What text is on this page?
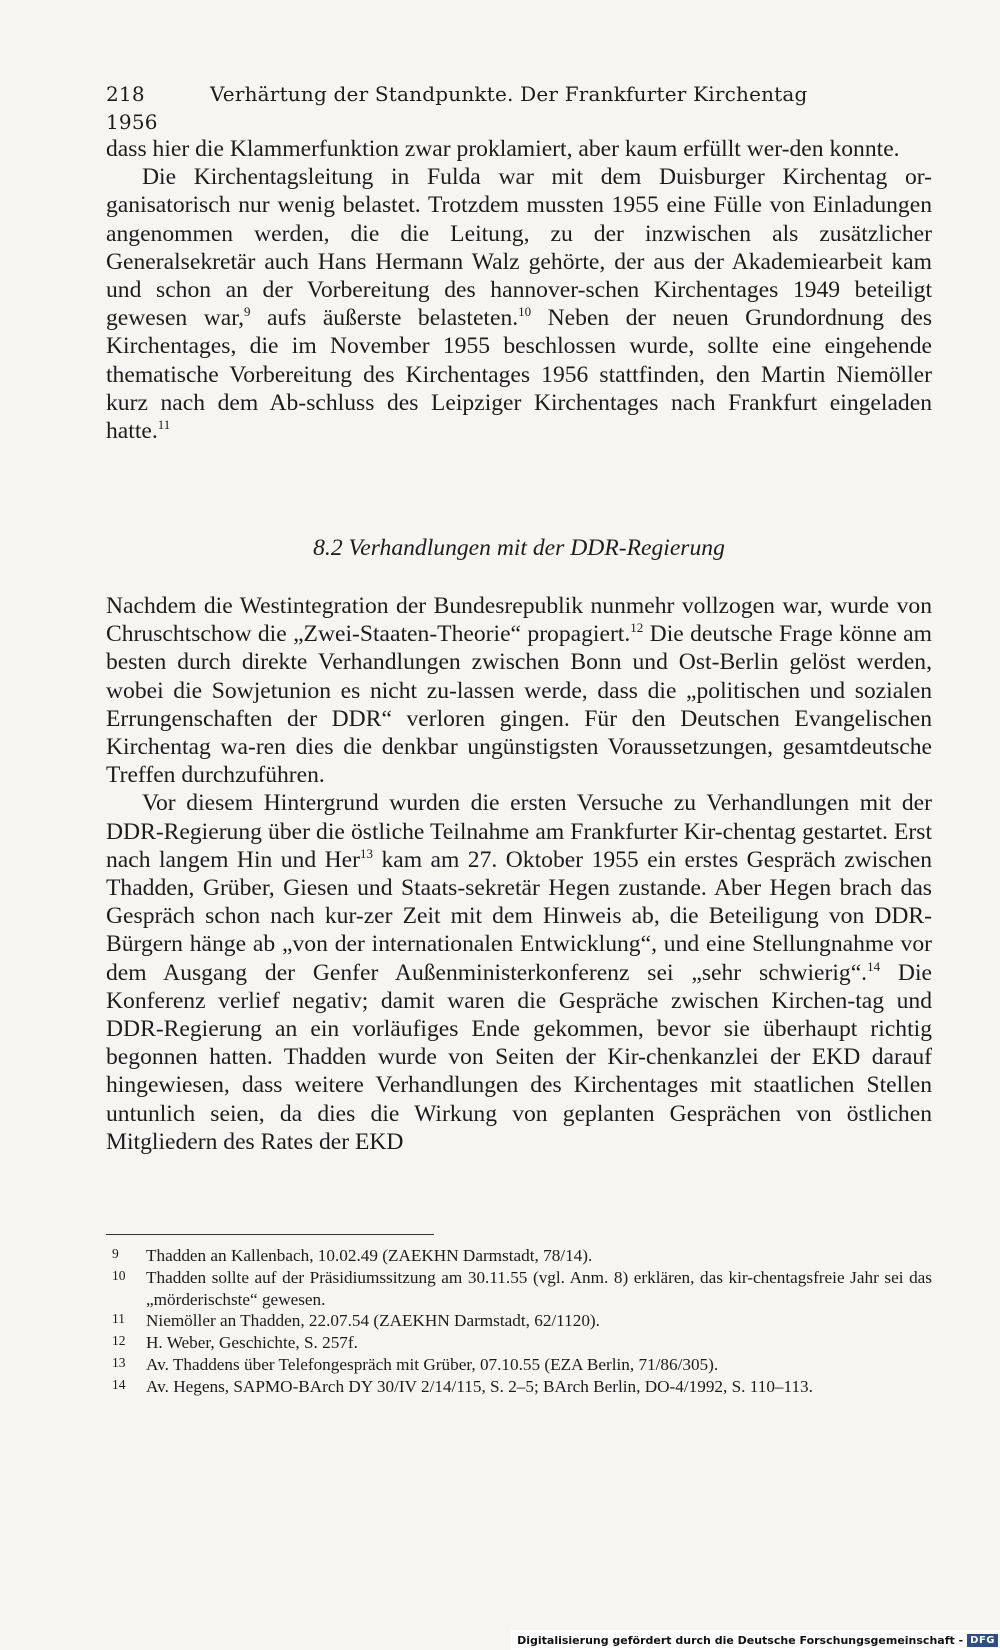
218	Verhärtung der Standpunkte. Der Frankfurter Kirchentag 1956

dass hier die Klammerfunktion zwar proklamiert, aber kaum erfüllt wer-den konnte.

Die Kirchentagsleitung in Fulda war mit dem Duisburger Kirchentag or-ganisatorisch nur wenig belastet. Trotzdem mussten 1955 eine Fülle von Einladungen angenommen werden, die die Leitung, zu der inzwischen als zusätzlicher Generalsekretär auch Hans Hermann Walz gehörte, der aus der Akademiearbeit kam und schon an der Vorbereitung des hannover-schen Kirchentages 1949 beteiligt gewesen war,$^9$ aufs äußerste belasteten.$^{10}$ Neben der neuen Grundordnung des Kirchentages, die im November 1955 beschlossen wurde, sollte eine eingehende thematische Vorbereitung des Kirchentages 1956 stattfinden, den Martin Niemöller kurz nach dem Ab-schluss des Leipziger Kirchentages nach Frankfurt eingeladen hatte.$^{11}$

8.2 Verhandlungen mit der DDR-Regierung

Nachdem die Westintegration der Bundesrepublik nunmehr vollzogen war, wurde von Chruschtschow die „Zwei-Staaten-Theorie“ propagiert.$^{12}$ Die deutsche Frage könne am besten durch direkte Verhandlungen zwischen Bonn und Ost-Berlin gelöst werden, wobei die Sowjetunion es nicht zu-lassen werde, dass die „politischen und sozialen Errungenschaften der DDR“ verloren gingen. Für den Deutschen Evangelischen Kirchentag wa-ren dies die denkbar ungünstigsten Voraussetzungen, gesamtdeutsche Treffen durchzuführen.

Vor diesem Hintergrund wurden die ersten Versuche zu Verhandlungen mit der DDR-Regierung über die östliche Teilnahme am Frankfurter Kir-chentag gestartet. Erst nach langem Hin und Her$^{13}$ kam am 27. Oktober 1955 ein erstes Gespräch zwischen Thadden, Grüber, Giesen und Staats-sekretär Hegen zustande. Aber Hegen brach das Gespräch schon nach kur-zer Zeit mit dem Hinweis ab, die Beteiligung von DDR-Bürgern hänge ab „von der internationalen Entwicklung“, und eine Stellungnahme vor dem Ausgang der Genfer Außenministerkonferenz sei „sehr schwierig“.$^{14}$ Die Konferenz verlief negativ; damit waren die Gespräche zwischen Kirchen-tag und DDR-Regierung an ein vorläufiges Ende gekommen, bevor sie überhaupt richtig begonnen hatten. Thadden wurde von Seiten der Kir-chenkanzlei der EKD darauf hingewiesen, dass weitere Verhandlungen des Kirchentages mit staatlichen Stellen untunlich seien, da dies die Wirkung von geplanten Gesprächen von östlichen Mitgliedern des Rates der EKD

9 Thadden an Kallenbach, 10.02.49 (ZAEKHN Darmstadt, 78/14).
10 Thadden sollte auf der Präsidiumssitzung am 30.11.55 (vgl. Anm. 8) erklären, das kir-chentagsfreie Jahr sei das „mörderischste“ gewesen.
11 Niemöller an Thadden, 22.07.54 (ZAEKHN Darmstadt, 62/1120).
12 H. Weber, Geschichte, S. 257f.
13 Av. Thaddens über Telefongespräch mit Grüber, 07.10.55 (EZA Berlin, 71/86/305).
14 Av. Hegens, SAPMO-BArch DY 30/IV 2/14/115, S. 2–5; BArch Berlin, DO-4/1992, S. 110–113.
Digitalisierung gefördert durch die Deutsche Forschungsgemeinschaft - DFG
